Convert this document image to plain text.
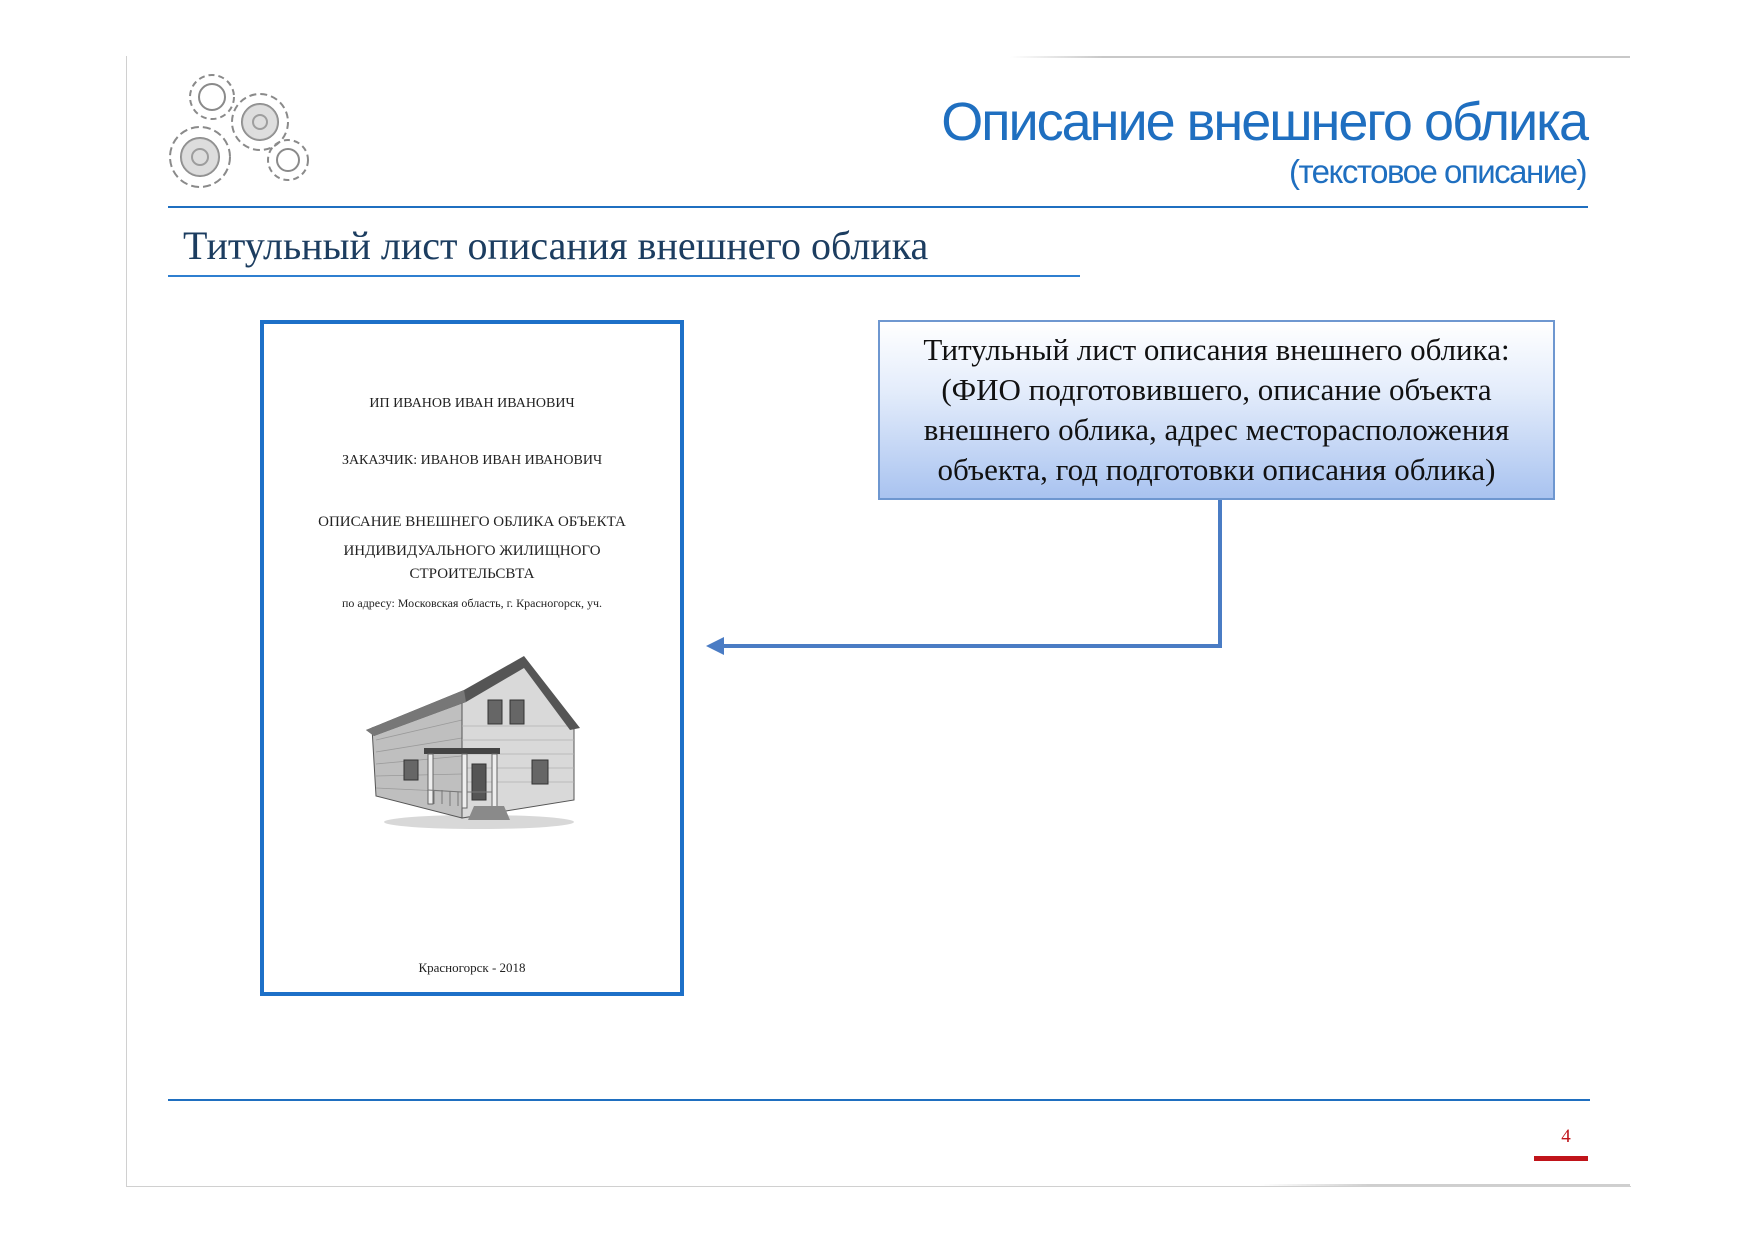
Описание внешнего облика
(текстовое описание)
Титульный лист описания внешнего облика
ИП ИВАНОВ ИВАН ИВАНОВИЧ
ЗАКАЗЧИК: ИВАНОВ ИВАН ИВАНОВИЧ
ОПИСАНИЕ ВНЕШНЕГО ОБЛИКА ОБЪЕКТА
ИНДИВИДУАЛЬНОГО ЖИЛИЩНОГО
СТРОИТЕЛЬСВТА
по адресу: Московская область, г. Красногорск, уч.
Красногорск - 2018
Титульный лист описания внешнего облика: (ФИО подготовившего, описание объекта внешнего облика, адрес месторасположения объекта, год подготовки описания облика)
4
